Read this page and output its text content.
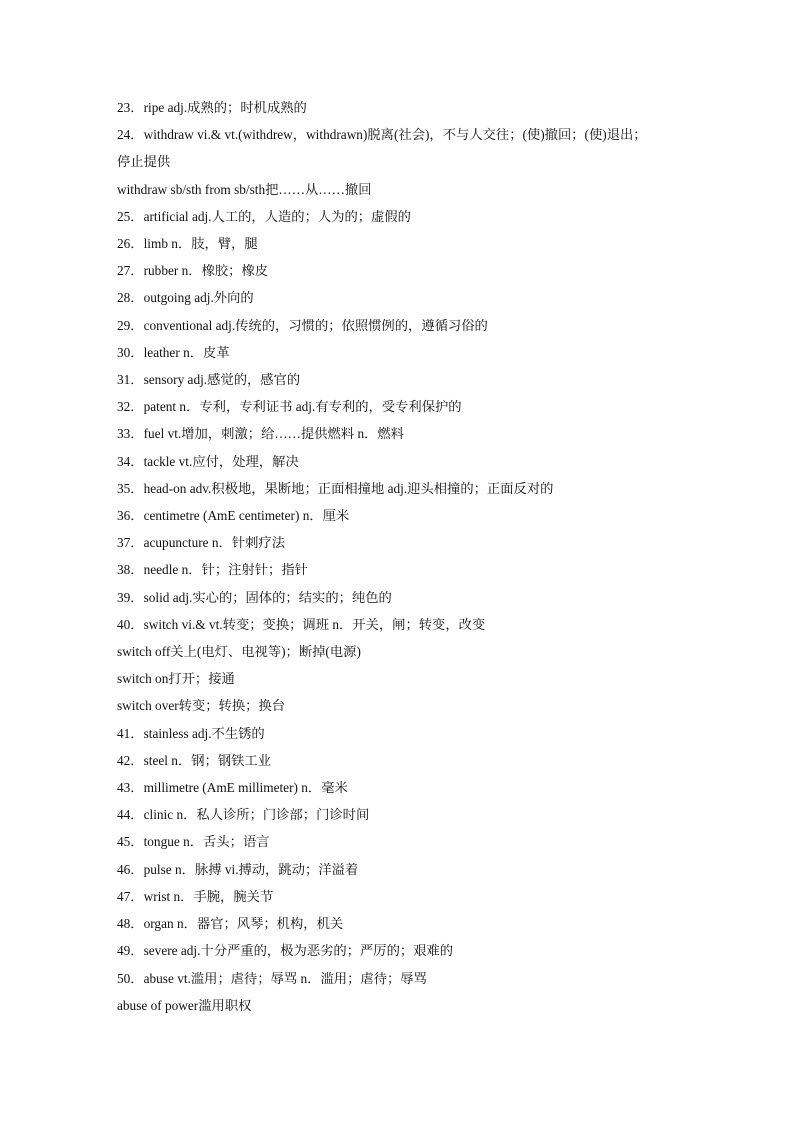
23．ripe adj.成熟的；时机成熟的
24．withdraw vi.& vt.(withdrew，withdrawn)脱离(社会)，不与人交往；(使)撤回；(使)退出；
停止提供
withdraw sb/sth from sb/sth把……从……撤回
25．artificial adj.人工的，人造的；人为的；虚假的
26．limb n．肢，臂，腿
27．rubber n．橡胶；橡皮
28．outgoing adj.外向的
29．conventional adj.传统的，习惯的；依照惯例的，遵循习俗的
30．leather n．皮革
31．sensory adj.感觉的，感官的
32．patent n．专利，专利证书 adj.有专利的，受专利保护的
33．fuel vt.增加，刺激；给……提供燃料 n．燃料
34．tackle vt.应付，处理，解决
35．head-on adv.积极地，果断地；正面相撞地 adj.迎头相撞的；正面反对的
36．centimetre (AmE centimeter) n．厘米
37．acupuncture n．针刺疗法
38．needle n．针；注射针；指针
39．solid adj.实心的；固体的；结实的；纯色的
40．switch vi.& vt.转变；变换；调班 n．开关，闸；转变，改变
switch off关上(电灯、电视等)；断掉(电源)
switch on打开；接通
switch over转变；转换；换台
41．stainless adj.不生锈的
42．steel n．钢；钢铁工业
43．millimetre (AmE millimeter) n．毫米
44．clinic n．私人诊所；门诊部；门诊时间
45．tongue n．舌头；语言
46．pulse n．脉搏 vi.搏动，跳动；洋溢着
47．wrist n．手腕，腕关节
48．organ n．器官；风琴；机构，机关
49．severe adj.十分严重的，极为恶劣的；严厉的；艰难的
50．abuse vt.滥用；虐待；辱骂 n．滥用；虐待；辱骂
abuse of power滥用职权
